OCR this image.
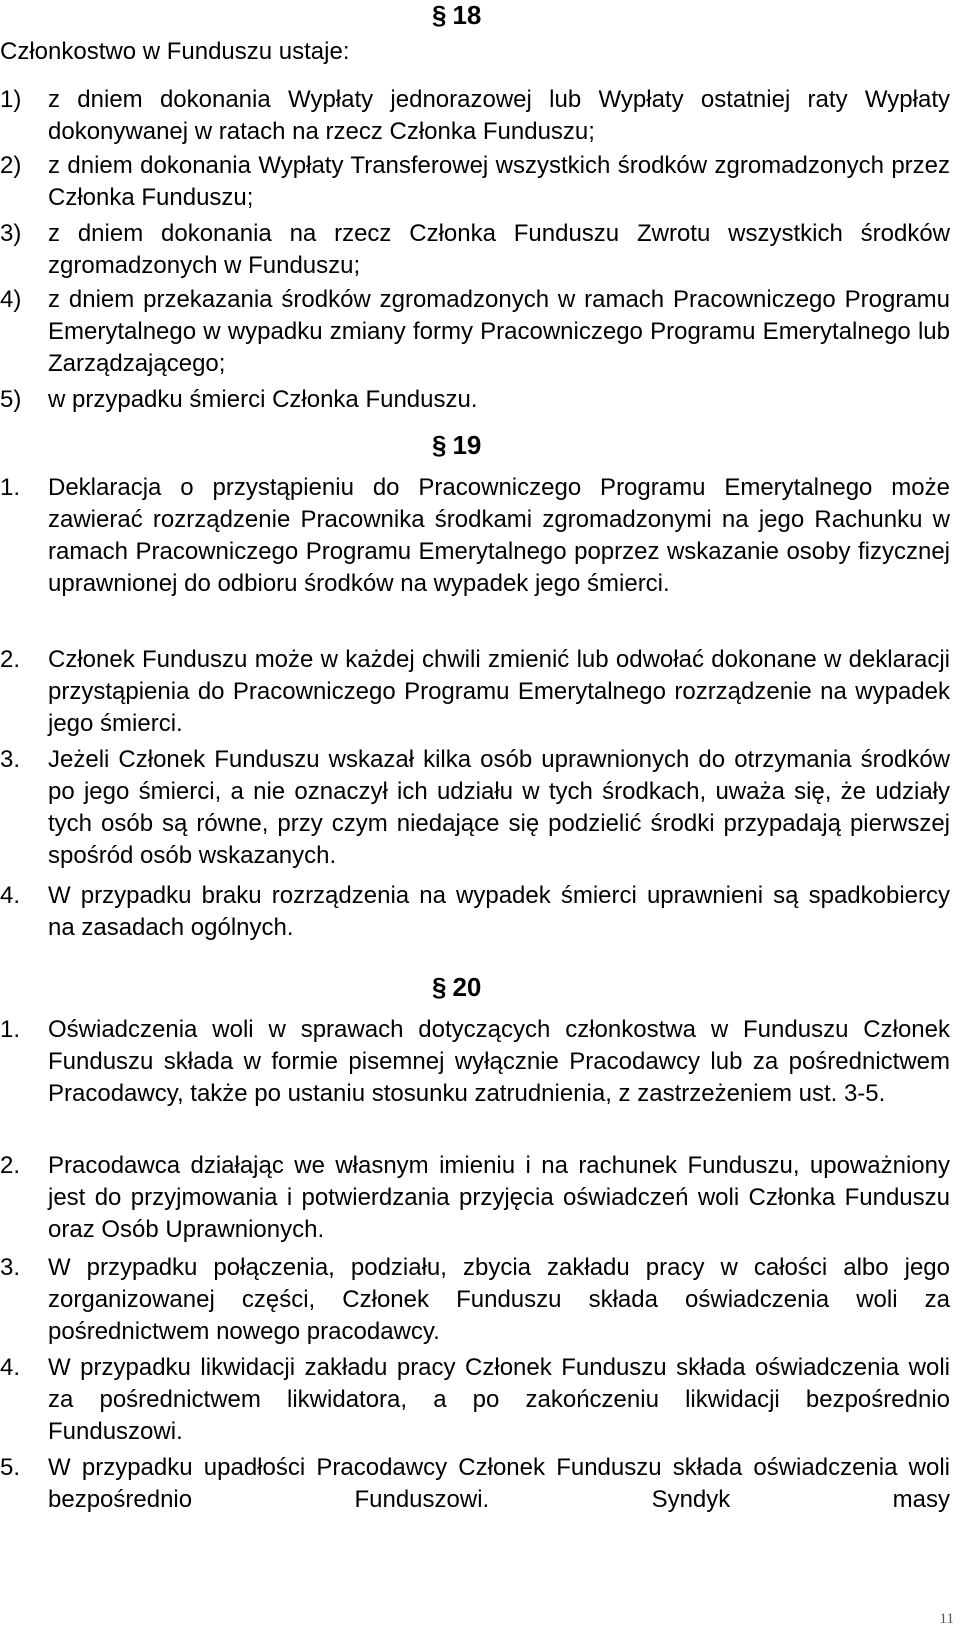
§ 18
Członkostwo w Funduszu ustaje:
1) z dniem dokonania Wypłaty jednorazowej lub Wypłaty ostatniej raty Wypłaty dokonywanej w ratach na rzecz Członka Funduszu;
2) z dniem dokonania Wypłaty Transferowej wszystkich środków zgromadzonych przez Członka Funduszu;
3) z dniem dokonania na rzecz Członka Funduszu Zwrotu wszystkich środków zgromadzonych w Funduszu;
4) z dniem przekazania środków zgromadzonych w ramach Pracowniczego Programu Emerytalnego w wypadku zmiany formy Pracowniczego Programu Emerytalnego lub Zarządzającego;
5) w przypadku śmierci Członka Funduszu.
§ 19
1. Deklaracja o przystąpieniu do Pracowniczego Programu Emerytalnego może zawierać rozrządzenie Pracownika środkami zgromadzonymi na jego Rachunku w ramach Pracowniczego Programu Emerytalnego poprzez wskazanie osoby fizycznej uprawnionej do odbioru środków na wypadek jego śmierci.
2. Członek Funduszu może w każdej chwili zmienić lub odwołać dokonane w deklaracji przystąpienia do Pracowniczego Programu Emerytalnego rozrządzenie na wypadek jego śmierci.
3. Jeżeli Członek Funduszu wskazał kilka osób uprawnionych do otrzymania środków po jego śmierci, a nie oznaczył ich udziału w tych środkach, uważa się, że udziały tych osób są równe, przy czym niedające się podzielić środki przypadają pierwszej spośród osób wskazanych.
4. W przypadku braku rozrządzenia na wypadek śmierci uprawnieni są spadkobiercy na zasadach ogólnych.
§ 20
1. Oświadczenia woli w sprawach dotyczących członkostwa w Funduszu Członek Funduszu składa w formie pisemnej wyłącznie Pracodawcy lub za pośrednictwem Pracodawcy, także po ustaniu stosunku zatrudnienia, z zastrzeżeniem ust. 3-5.
2. Pracodawca działając we własnym imieniu i na rachunek Funduszu, upoważniony jest do przyjmowania i potwierdzania przyjęcia oświadczeń woli Członka Funduszu oraz Osób Uprawnionych.
3. W przypadku połączenia, podziału, zbycia zakładu pracy w całości albo jego zorganizowanej części, Członek Funduszu składa oświadczenia woli za pośrednictwem nowego pracodawcy.
4. W przypadku likwidacji zakładu pracy Członek Funduszu składa oświadczenia woli za pośrednictwem likwidatora, a po zakończeniu likwidacji bezpośrednio Funduszowi.
5. W przypadku upadłości Pracodawcy Członek Funduszu składa oświadczenia woli bezpośrednio Funduszowi. Syndyk masy
11
